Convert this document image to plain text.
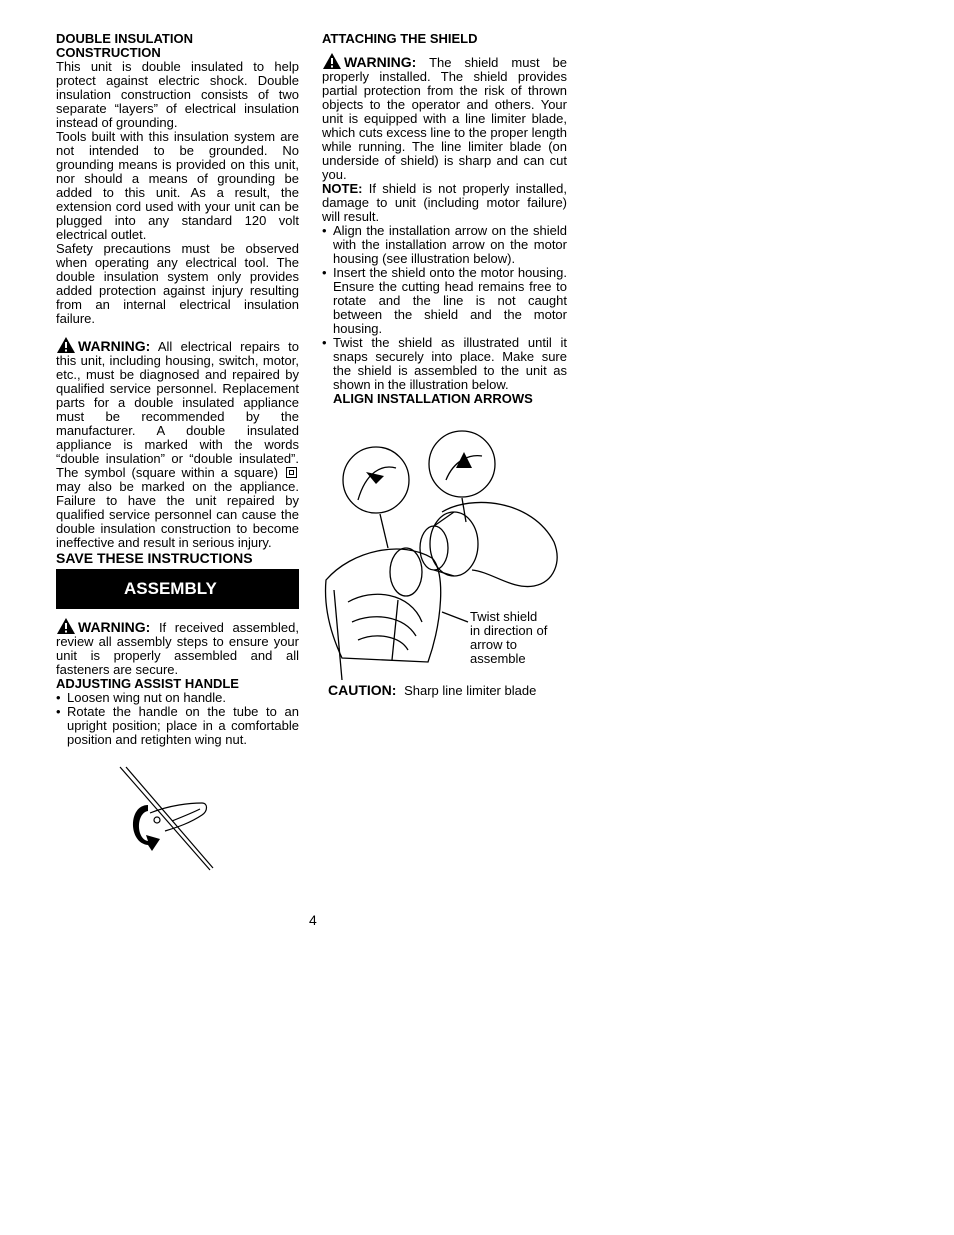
DOUBLE INSULATION
CONSTRUCTION

This unit is double insulated to help protect against electric shock. Double insulation construction consists of two separate “layers” of electrical insulation instead of grounding.

Tools built with this insulation system are not intended to be grounded. No grounding means is provided on this unit, nor should a means of grounding be added to this unit. As a result, the extension cord used with your unit can be plugged into any standard 120 volt electrical outlet.

Safety precautions must be observed when operating any electrical tool. The double insulation system only provides added protection against injury resulting from an internal electrical insulation failure.

WARNING: All electrical repairs to this unit, including housing, switch, motor, etc., must be diagnosed and repaired by qualified service personnel. Replacement parts for a double insulated appliance must be recommended by the manufacturer. A double insulated appliance is marked with the words “double insulation” or “double insulated”. The symbol (square within a square)  may also be marked on the appliance. Failure to have the unit repaired by qualified service personnel can cause the double insulation construction to become ineffective and result in serious injury.

SAVE THESE INSTRUCTIONS
ASSEMBLY

WARNING: If received assembled, review all assembly steps to ensure your unit is properly assembled and all fasteners are secure.

ADJUSTING ASSIST HANDLE

• Loosen wing nut on handle.
• Rotate the handle on the tube to an upright position; place in a comfortable position and retighten wing nut.

ATTACHING THE SHIELD

WARNING: The shield must be properly installed. The shield provides partial protection from the risk of thrown objects to the operator and others. Your unit is equipped with a line limiter blade, which cuts excess line to the proper length while running. The line limiter blade (on underside of shield) is sharp and can cut you.

NOTE: If shield is not properly installed, damage to unit (including motor failure) will result.

• Align the installation arrow on the shield with the installation arrow on the motor housing (see illustration below).
• Insert the shield onto the motor housing. Ensure the cutting head remains free to rotate and the line is not caught between the shield and the motor housing.
• Twist the shield as illustrated until it snaps securely into place. Make sure the shield is assembled to the unit as shown in the illustration below.

ALIGN INSTALLATION ARROWS

Twist shield
in direction of
arrow to
assemble
CAUTION: Sharp line limiter blade
4
